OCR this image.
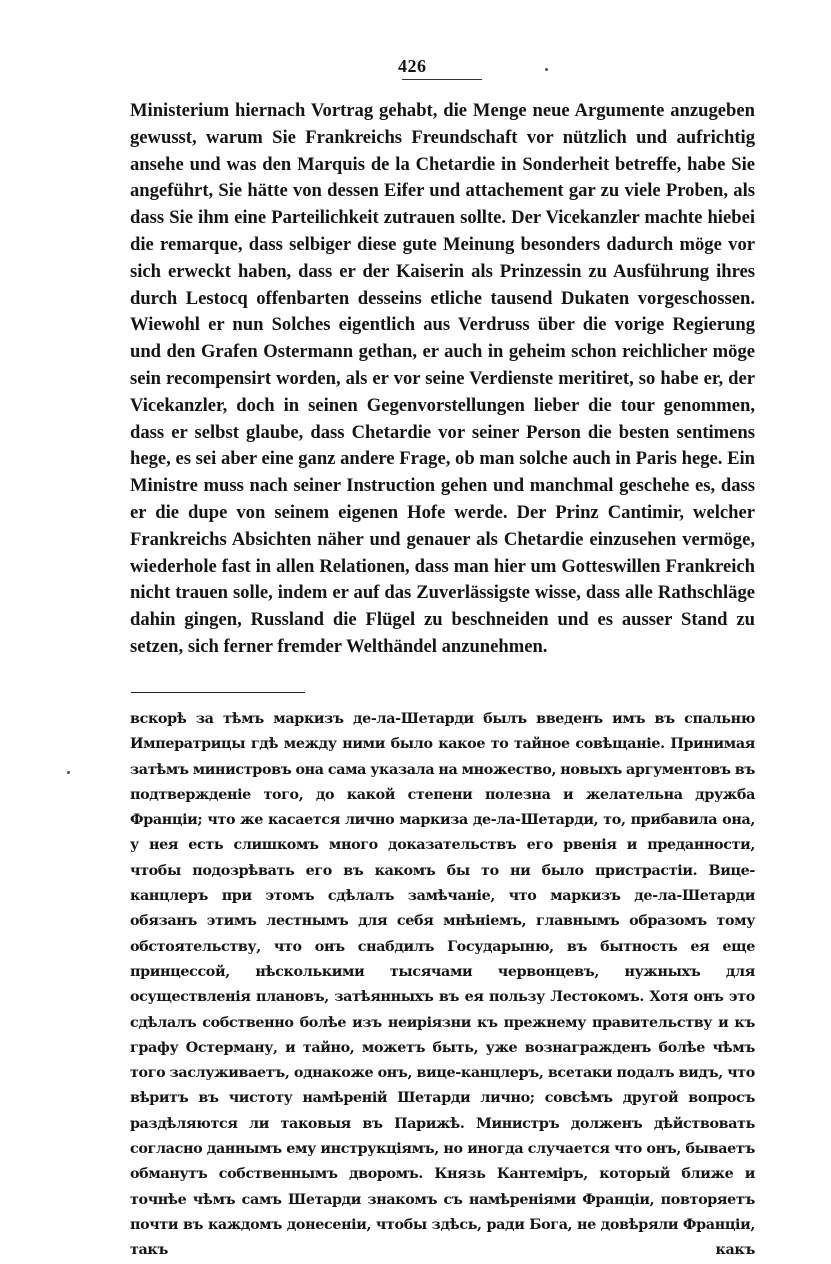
426

Ministerium hiernach Vortrag gehabt, die Menge neue Argumente anzugeben gewusst, warum Sie Frankreichs Freundschaft vor nützlich und aufrichtig ansehe und was den Marquis de la Chetardie in Sonderheit betreffe, habe Sie angeführt, Sie hätte von dessen Eifer und attachement gar zu viele Proben, als dass Sie ihm eine Parteilichkeit zutrauen sollte. Der Vicekanzler machte hiebei die remarque, dass selbiger diese gute Meinung besonders dadurch möge vor sich erweckt haben, dass er der Kaiserin als Prinzessin zu Ausführung ihres durch Lestocq offenbarten desseins etliche tausend Dukaten vorgeschossen. Wiewohl er nun Solches eigentlich aus Verdruss über die vorige Regierung und den Grafen Ostermann gethan, er auch in geheim schon reichlicher möge sein recompensirt worden, als er vor seine Verdienste meritiret, so habe er, der Vicekanzler, doch in seinen Gegenvorstellungen lieber die tour genommen, dass er selbst glaube, dass Chetardie vor seiner Person die besten sentimens hege, es sei aber eine ganz andere Frage, ob man solche auch in Paris hege. Ein Ministre muss nach seiner Instruction gehen und manchmal geschehe es, dass er die dupe von seinem eigenen Hofe werde. Der Prinz Cantimir, welcher Frankreichs Absichten näher und genauer als Chetardie einzusehen vermöge, wiederhole fast in allen Relationen, dass man hier um Gotteswillen Frankreich nicht trauen solle, indem er auf das Zuverlässigste wisse, dass alle Rathschläge dahin gingen, Russland die Flügel zu beschneiden und es ausser Stand zu setzen, sich ferner fremder Welthändel anzunehmen.

вскорѣ за тѣмъ маркизъ де-ла-Шетарди былъ введенъ имъ въ спальню Императрицы гдѣ между ними было какое то тайное совѣщаніе. Принимая затѣмъ министровъ она сама указала на множество, новыхъ аргументовъ въ подтвержденіе того, до какой степени полезна и желательна дружба Франціи; что же касается лично маркиза де-ла-Шетарди, то, прибавила она, у нея есть слишкомъ много доказательствъ его рвенія и преданности, чтобы подозрѣвать его въ какомъ бы то ни было пристрастіи. Вице-канцлеръ при этомъ сдѣлалъ замѣчаніе, что маркизъ де-ла-Шетарди обязанъ этимъ лестнымъ для себя мнѣніемъ, главнымъ образомъ тому обстоятельству, что онъ снабдилъ Государыню, въ бытность ея еще принцессой, нѣсколькими тысячами червонцевъ, нужныхъ для осуществленія плановъ, затѣянныхъ въ ея пользу Лестокомъ. Хотя онъ это сдѣлалъ собственно болѣе изъ неиріязни къ прежнему правительству и къ графу Остерману, и тайно, можетъ быть, уже вознагражденъ болѣе чѣмъ того заслуживаетъ, однакоже онъ, вице-канцлеръ, всетаки подалъ видъ, что вѣритъ въ чистоту намѣреній Шетарди лично; совсѣмъ другой вопросъ раздѣляются ли таковыя въ Парижѣ. Министръ долженъ дѣйствовать согласно даннымъ ему инструкціямъ, но иногда случается что онъ, бываетъ обманутъ собственнымъ дворомъ. Князь Кантеміръ, который ближе и точнѣе чѣмъ самъ Шетарди знакомъ съ намѣреніями Франціи, повторяетъ почти въ каждомъ донесеніи, чтобы здѣсь, ради Бога, не довѣряли Франціи, такъ какъ
